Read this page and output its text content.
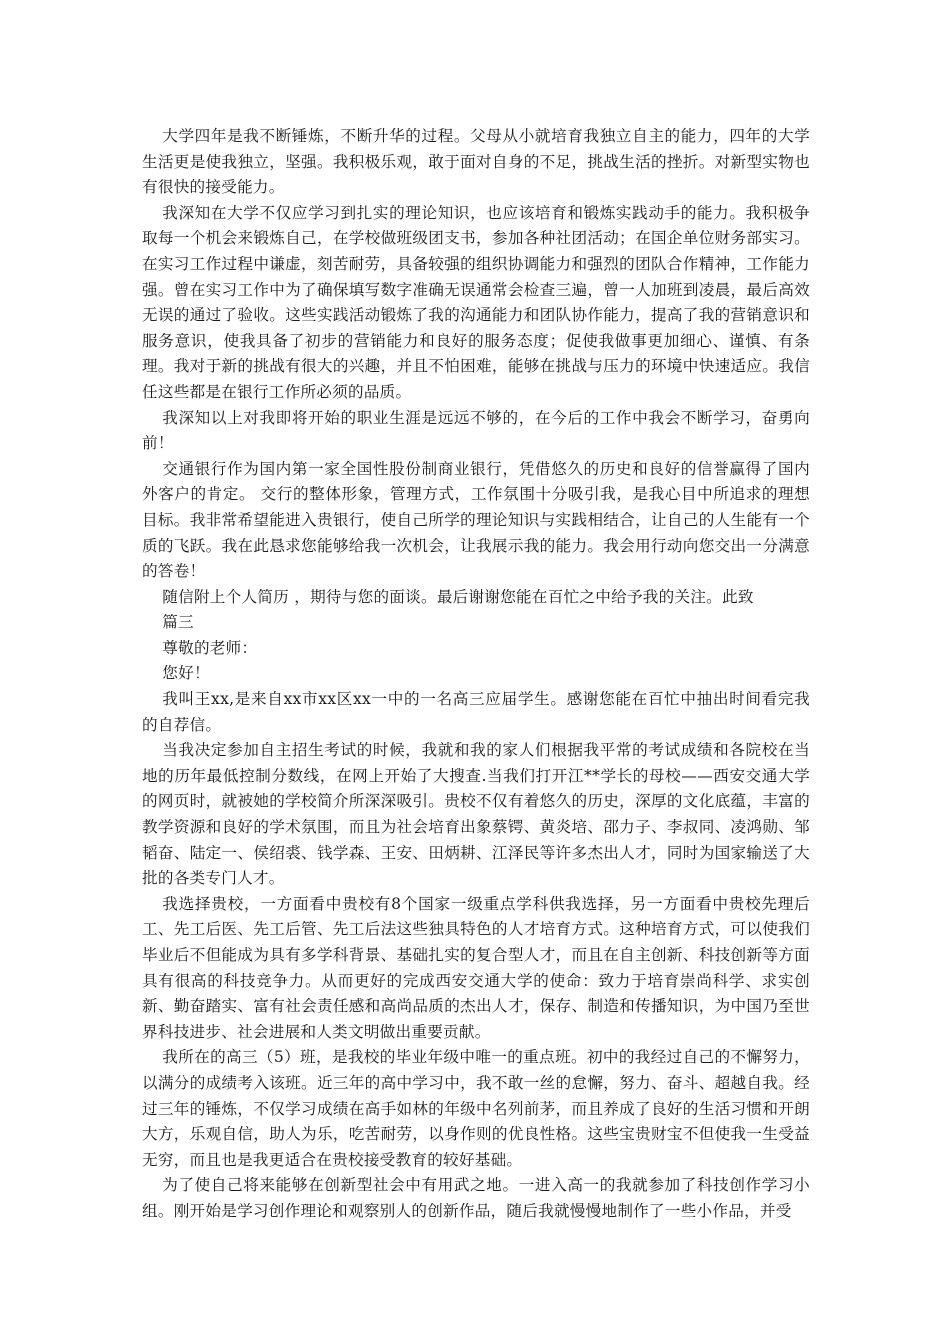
大学四年是我不断锤炼，不断升华的过程。父母从小就培育我独立自主的能力，四年的大学生活更是使我独立，坚强。我积极乐观，敢于面对自身的不足，挑战生活的挫折。对新型实物也有很快的接受能力。

我深知在大学不仅应学习到扎实的理论知识，也应该培育和锻炼实践动手的能力。我积极争取每一个机会来锻炼自己，在学校做班级团支书，参加各种社团活动；在国企单位财务部实习。在实习工作过程中谦虚，刻苦耐劳，具备较强的组织协调能力和强烈的团队合作精神，工作能力强。曾在实习工作中为了确保填写数字准确无误通常会检查三遍，曾一人加班到凌晨，最后高效无误的通过了验收。这些实践活动锻炼了我的沟通能力和团队协作能力，提高了我的营销意识和服务意识，使我具备了初步的营销能力和良好的服务态度；促使我做事更加细心、谨慎、有条理。我对于新的挑战有很大的兴趣，并且不怕困难，能够在挑战与压力的环境中快速适应。我信任这些都是在银行工作所必须的品质。

我深知以上对我即将开始的职业生涯是远远不够的，在今后的工作中我会不断学习，奋勇向前！

交通银行作为国内第一家全国性股份制商业银行，凭借悠久的历史和良好的信誉赢得了国内外客户的肯定。 交行的整体形象，管理方式，工作氛围十分吸引我，是我心目中所追求的理想目标。我非常希望能进入贵银行，使自己所学的理论知识与实践相结合，让自己的人生能有一个质的飞跃。我在此恳求您能够给我一次机会，让我展示我的能力。我会用行动向您交出一分满意的答卷！

随信附上个人简历 ，期待与您的面谈。最后谢谢您能在百忙之中给予我的关注。此致

篇三

尊敬的老师：

您好！

我叫王xx,是来自xx市xx区xx一中的一名高三应届学生。感谢您能在百忙中抽出时间看完我的自荐信。

当我决定参加自主招生考试的时候，我就和我的家人们根据我平常的考试成绩和各院校在当地的历年最低控制分数线，在网上开始了大搜查.当我们打开江**学长的母校——西安交通大学的网页时，就被她的学校简介所深深吸引。贵校不仅有着悠久的历史，深厚的文化底蕴，丰富的教学资源和良好的学术氛围，而且为社会培育出象蔡锷、黄炎培、邵力子、李叔同、凌鸿勋、邹韬奋、陆定一、侯绍裘、钱学森、王安、田炳耕、江泽民等许多杰出人才，同时为国家输送了大批的各类专门人才。

我选择贵校，一方面看中贵校有8个国家一级重点学科供我选择，另一方面看中贵校先理后工、先工后医、先工后管、先工后法这些独具特色的人才培育方式。这种培育方式，可以使我们毕业后不但能成为具有多学科背景、基础扎实的复合型人才，而且在自主创新、科技创新等方面具有很高的科技竞争力。从而更好的完成西安交通大学的使命：致力于培育崇尚科学、求实创新、勤奋踏实、富有社会责任感和高尚品质的杰出人才，保存、制造和传播知识，为中国乃至世界科技进步、社会进展和人类文明做出重要贡献。

我所在的高三（5）班，是我校的毕业年级中唯一的重点班。初中的我经过自己的不懈努力，以满分的成绩考入该班。近三年的高中学习中，我不敢一丝的怠懈，努力、奋斗、超越自我。经过三年的锤炼，不仅学习成绩在高手如林的年级中名列前茅，而且养成了良好的生活习惯和开朗大方，乐观自信，助人为乐，吃苦耐劳，以身作则的优良性格。这些宝贵财宝不但使我一生受益无穷，而且也是我更适合在贵校接受教育的较好基础。

为了使自己将来能够在创新型社会中有用武之地。一进入高一的我就参加了科技创作学习小组。刚开始是学习创作理论和观察别人的创新作品，随后我就慢慢地制作了一些小作品，并受
